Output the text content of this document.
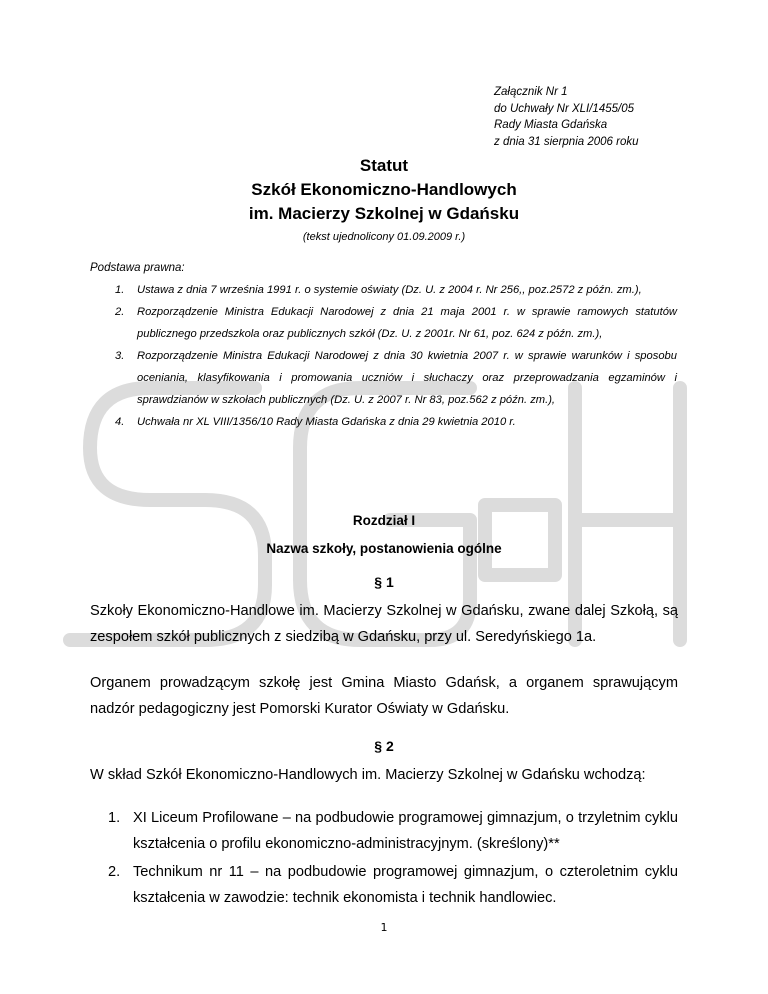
Załącznik Nr 1
do Uchwały Nr XLI/1455/05
Rady Miasta Gdańska
z dnia 31 sierpnia 2006 roku
Statut
Szkół Ekonomiczno-Handlowych
im. Macierzy Szkolnej w Gdańsku
(tekst ujednolicony 01.09.2009 r.)
Podstawa prawna:
1. Ustawa z dnia 7 września 1991 r. o systemie oświaty (Dz. U. z 2004 r. Nr 256,, poz.2572 z późn. zm.),
2. Rozporządzenie Ministra Edukacji Narodowej z dnia 21 maja 2001 r. w sprawie ramowych statutów publicznego przedszkola oraz publicznych szkół (Dz. U. z 2001r. Nr 61, poz. 624 z późn. zm.),
3. Rozporządzenie Ministra Edukacji Narodowej z dnia 30 kwietnia 2007 r. w sprawie warunków i sposobu oceniania, klasyfikowania i promowania uczniów i słuchaczy oraz przeprowadzania egzaminów i sprawdzianów w szkołach publicznych (Dz. U. z 2007 r. Nr 83, poz.562 z późn. zm.),
4. Uchwała nr XL VIII/1356/10 Rady Miasta Gdańska z dnia 29 kwietnia 2010 r.
Rozdział I
Nazwa szkoły, postanowienia ogólne
§ 1
Szkoły Ekonomiczno-Handlowe im. Macierzy Szkolnej w Gdańsku, zwane dalej Szkołą, są zespołem szkół publicznych z siedzibą w Gdańsku, przy ul. Seredyńskiego 1a.
Organem prowadzącym szkołę jest Gmina Miasto Gdańsk, a organem sprawującym nadzór pedagogiczny jest Pomorski Kurator Oświaty w Gdańsku.
§ 2
W skład Szkół Ekonomiczno-Handlowych im. Macierzy Szkolnej w Gdańsku wchodzą:
1. XI Liceum Profilowane – na podbudowie programowej gimnazjum, o trzyletnim cyklu kształcenia o profilu ekonomiczno-administracyjnym. (skreślony)**
2. Technikum nr 11 – na podbudowie programowej gimnazjum, o czteroletnim cyklu kształcenia w zawodzie: technik ekonomista i technik handlowiec.
1
